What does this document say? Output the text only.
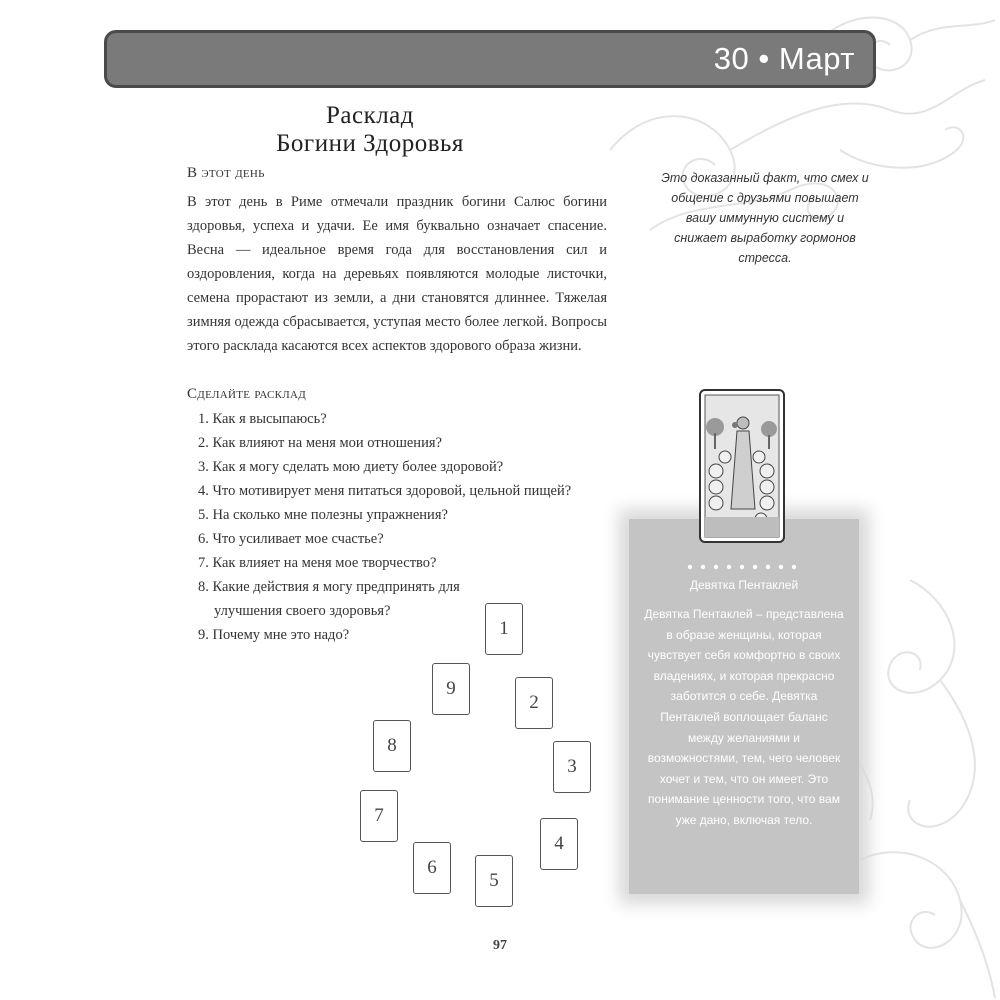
30 • Март
Расклад
Богини Здоровья
В этот день
В этот день в Риме отмечали праздник богини Салюс богини здоровья, успеха и удачи. Ее имя буквально означает спасение. Весна — идеальное время года для восстановления сил и оздоровления, когда на деревьях появляются молодые листочки, семена прорастают из земли, а дни становятся длиннее. Тяжелая зимняя одежда сбрасывается, уступая место более легкой. Вопросы этого расклада касаются всех аспектов здорового образа жизни.
Сделайте расклад
1. Как я высыпаюсь?
2. Как влияют на меня мои отношения?
3. Как я могу сделать мою диету более здоровой?
4. Что мотивирует меня питаться здоровой, цельной пищей?
5. На сколько мне полезны упражнения?
6. Что усиливает мое счастье?
7. Как влияет на меня мое творчество?
8. Какие действия я могу предпринять для
улучшения своего здоровья?
9. Почему мне это надо?
Это доказанный факт, что смех и общение с друзьями повышает вашу иммунную систему и снижает выработку гормонов стресса.
Девятка Пентаклей
Девятка Пентаклей – представлена в образе женщины, которая чувствует себя комфортно в своих владениях, и которая прекрасно заботится о себе. Девятка Пентаклей воплощает баланс между желаниями и возможностями, тем, чего человек хочет и тем, что он имеет. Это понимание ценности того, что вам уже дано, включая тело.
1
2
3
4
5
6
7
8
9
97
